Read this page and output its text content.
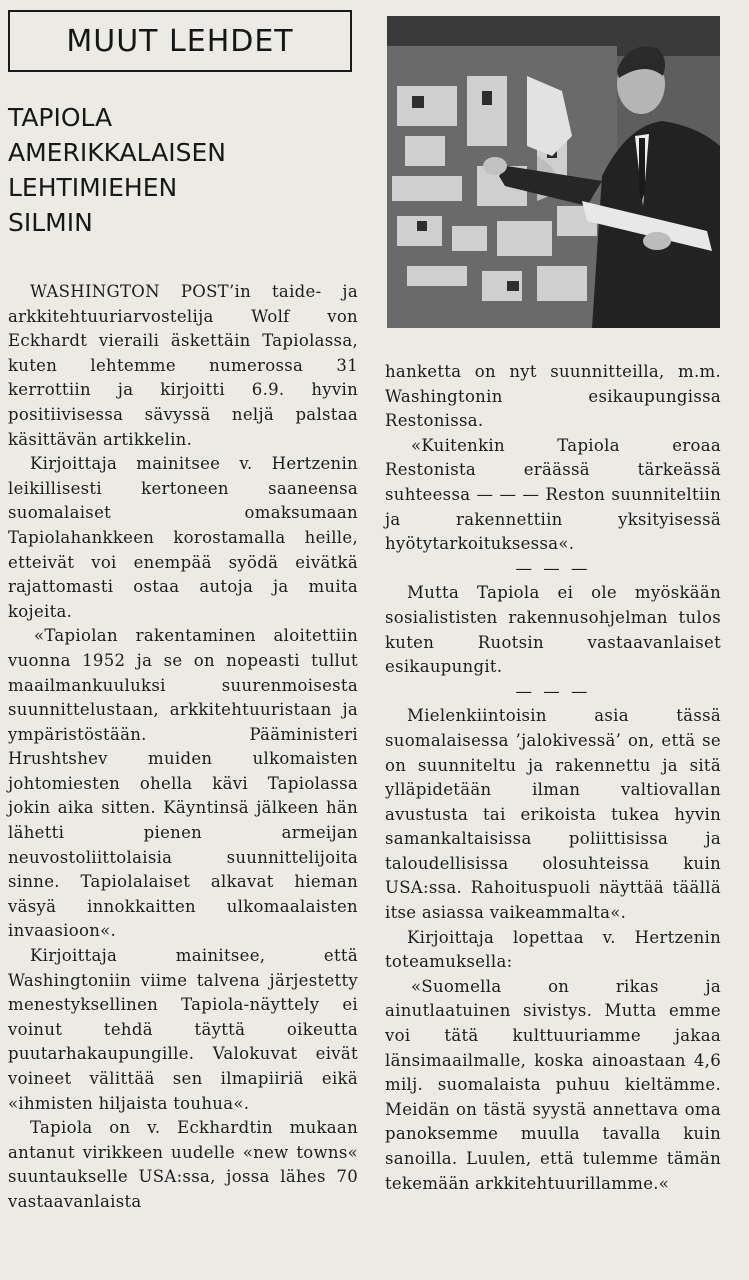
MUUT LEHDET
TAPIOLA
AMERIKKALAISEN
LEHTIMIEHEN
SILMIN

WASHINGTON POST’in taide- ja arkkitehtuuriarvostelija Wolf von Eckhardt vieraili äskettäin Tapiolassa, kuten lehtemme numerossa 31 kerrottiin ja kirjoitti 6.9. hyvin positiivisessa sävyssä neljä palstaa käsittävän artikkelin.

Kirjoittaja mainitsee v. Hertzenin leikillisesti kertoneen saaneensa suomalaiset omaksumaan Tapiolahankkeen korostamalla heille, etteivät voi enempää syödä eivätkä rajattomasti ostaa autoja ja muita kojeita.

«Tapiolan rakentaminen aloitettiin vuonna 1952 ja se on nopeasti tullut maailmankuuluksi suurenmoisesta suunnittelustaan, arkkitehtuuristaan ja ympäristöstään. Pääministeri Hrushtshev muiden ulkomaisten johtomiesten ohella kävi Tapiolassa jokin aika sitten. Käyntinsä jälkeen hän lähetti pienen armeijan neuvostoliittolaisia suunnittelijoita sinne. Tapiolalaiset alkavat hieman väsyä innokkaitten ulkomaalaisten invaasioon«.

Kirjoittaja mainitsee, että Washingtoniin viime talvena järjestetty menestyksellinen Tapiola-näyttely ei voinut tehdä täyttä oikeutta puutarhakaupungille. Valokuvat eivät voineet välittää sen ilmapiiriä eikä «ihmisten hiljaista touhua«.

Tapiola on v. Eckhardtin mukaan antanut virikkeen uudelle «new towns« suuntaukselle USA:ssa, jossa lähes 70 vastaavanlaista

hanketta on nyt suunnitteilla, m.m. Washingtonin esikaupungissa Restonissa.

«Kuitenkin Tapiola eroaa Restonista eräässä tärkeässä suhteessa — — — Reston suunniteltiin ja rakennettiin yksityisessä hyötytarkoituksessa«.

— — —

Mutta Tapiola ei ole myöskään sosialististen rakennusohjelman tulos kuten Ruotsin vastaavanlaiset esikaupungit.

— — —

Mielenkiintoisin asia tässä suomalaisessa ’jalokivessä’ on, että se on suunniteltu ja rakennettu ja sitä ylläpidetään ilman valtiovallan avustusta tai erikoista tukea hyvin samankaltaisissa poliittisissa ja taloudellisissa olosuhteissa kuin USA:ssa. Rahoituspuoli näyttää täällä itse asiassa vaikeammalta«.

Kirjoittaja lopettaa v. Hertzenin toteamuksella:

«Suomella on rikas ja ainutlaatuinen sivistys. Mutta emme voi tätä kulttuuriamme jakaa länsimaailmalle, koska ainoastaan 4,6 milj. suomalaista puhuu kieltämme. Meidän on tästä syystä annettava oma panoksemme muulla tavalla kuin sanoilla. Luulen, että tulemme tämän tekemään arkkitehtuurillamme.«
